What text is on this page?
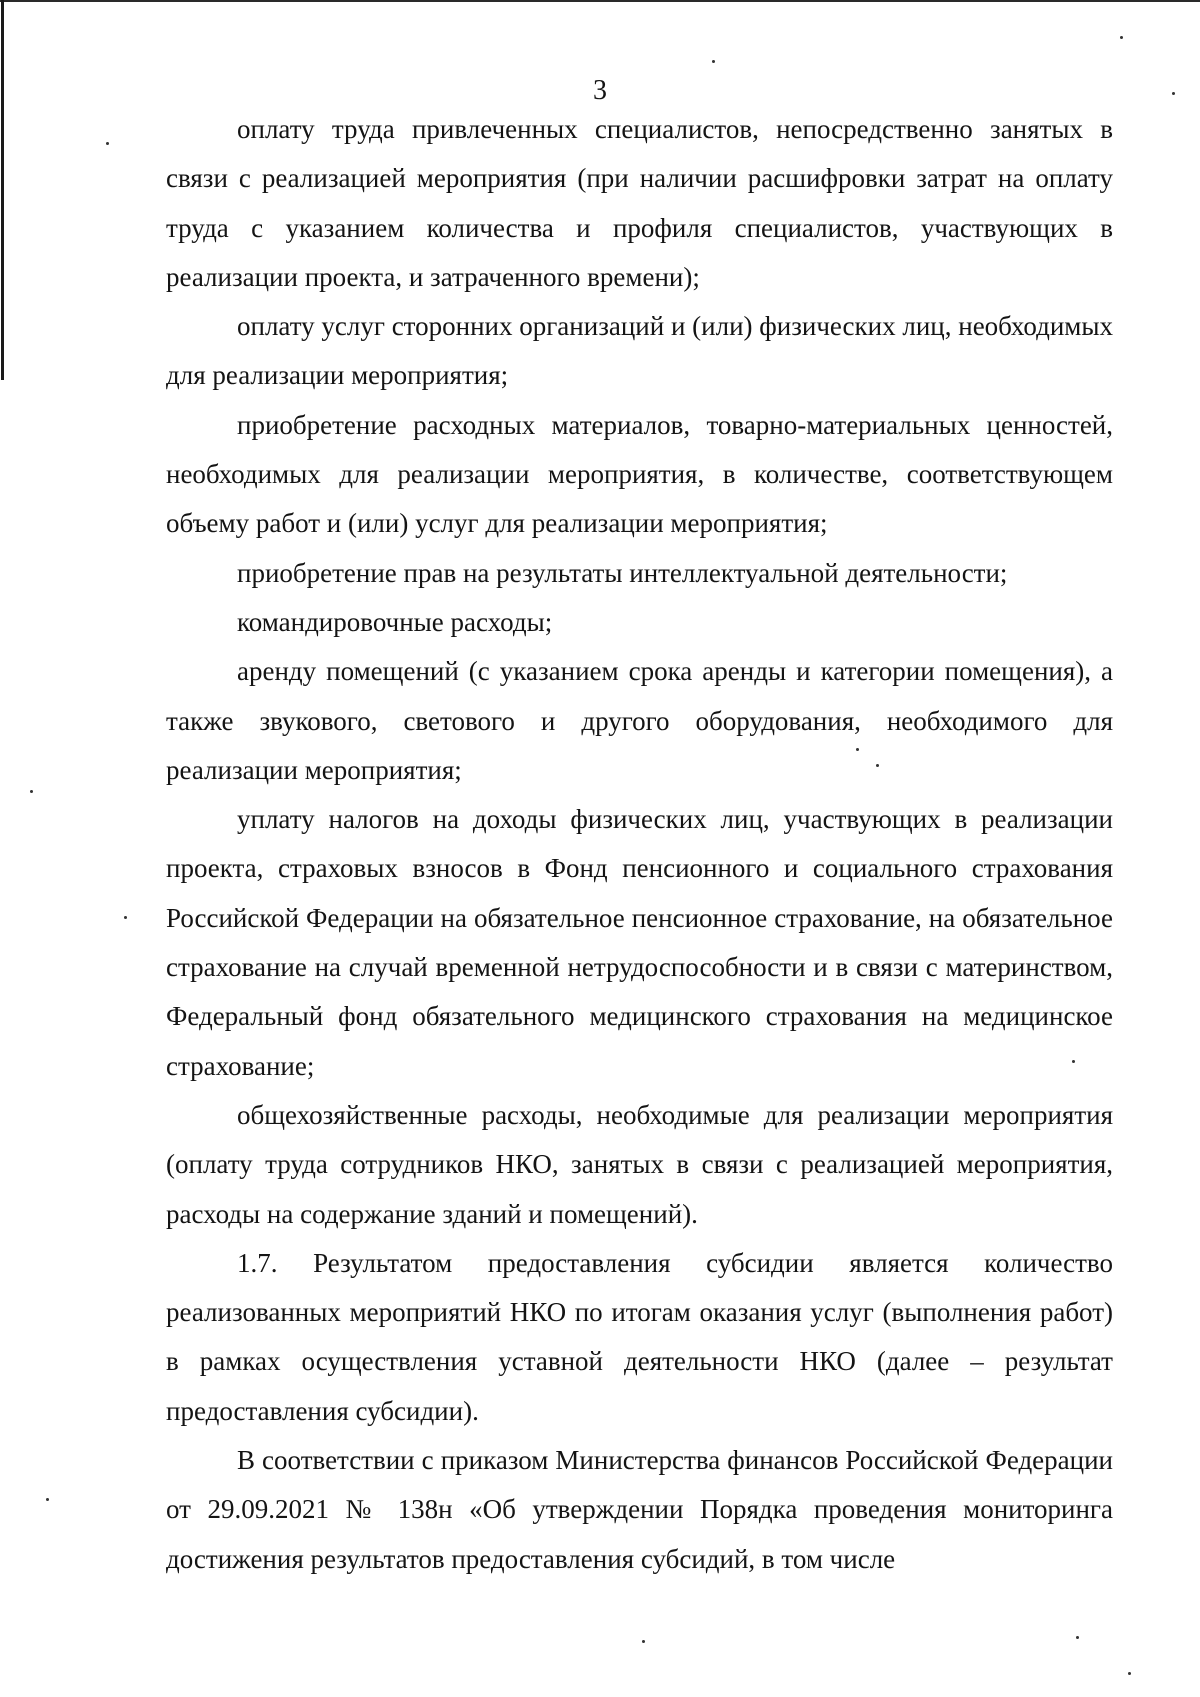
3

оплату труда привлеченных специалистов, непосредственно занятых в связи с реализацией мероприятия (при наличии расшифровки затрат на оплату труда с указанием количества и профиля специалистов, участвующих в реализации проекта, и затраченного времени);

оплату услуг сторонних организаций и (или) физических лиц, необходимых для реализации мероприятия;

приобретение расходных материалов, товарно-материальных ценностей, необходимых для реализации мероприятия, в количестве, соответствующем объему работ и (или) услуг для реализации мероприятия;

приобретение прав на результаты интеллектуальной деятельности;

командировочные расходы;

аренду помещений (с указанием срока аренды и категории помещения), а также звукового, светового и другого оборудования, необходимого для реализации мероприятия;

уплату налогов на доходы физических лиц, участвующих в реализации проекта, страховых взносов в Фонд пенсионного и социального страхования Российской Федерации на обязательное пенсионное страхование, на обязательное страхование на случай временной нетрудоспособности и в связи с материнством, Федеральный фонд обязательного медицинского страхования на медицинское страхование;

общехозяйственные расходы, необходимые для реализации мероприятия (оплату труда сотрудников НКО, занятых в связи с реализацией мероприятия, расходы на содержание зданий и помещений).

1.7. Результатом предоставления субсидии является количество реализованных мероприятий НКО по итогам оказания услуг (выполнения работ) в рамках осуществления уставной деятельности НКО (далее – результат предоставления субсидии).

В соответствии с приказом Министерства финансов Российской Федерации от 29.09.2021 № 138н «Об утверждении Порядка проведения мониторинга достижения результатов предоставления субсидий, в том числе
